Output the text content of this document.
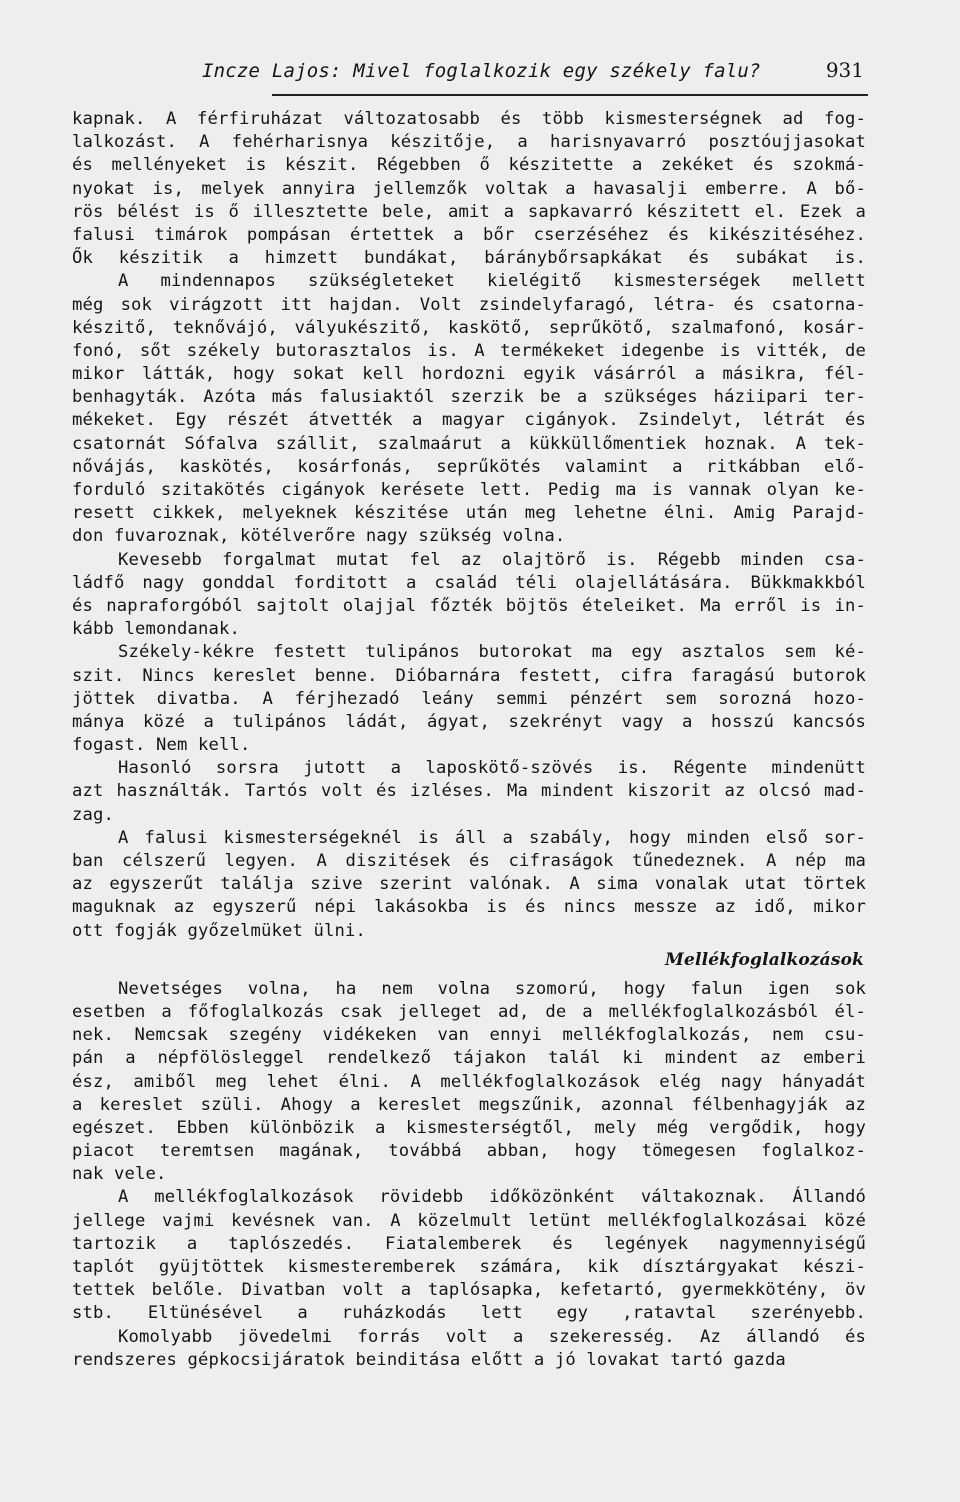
Incze Lajos: Mivel foglalkozik egy székely falu?	931
kapnak. A férfiruházat változatosabb és több kismesterségnek ad fog-
lalkozást. A fehérharisnya készitője, a harisnyavarró posztóujjasokat
és mellényeket is készit. Régebben ő készitette a zekéket és szokmá-
nyokat is, melyek annyira jellemzők voltak a havasalji emberre. A bő-
rös bélést is ő illesztette bele, amit a sapkavarró készitett el. Ezek a
falusi timárok pompásan értettek a bőr cserzéséhez és kikészitéséhez.
Ők készitik a himzett bundákat, báránybőrsapkákat és subákat is.
A mindennapos szükségleteket kielégitő kismesterségek mellett
még sok virágzott itt hajdan. Volt zsindelyfaragó, létra- és csatorna-
készitő, teknővájó, vályukészitő, kaskötő, seprűkötő, szalmafonó, kosár-
fonó, sőt székely butorasztalos is. A termékeket idegenbe is vitték, de
mikor látták, hogy sokat kell hordozni egyik vásárról a másikra, fél-
benhagyták. Azóta más falusiaktól szerzik be a szükséges háziipari ter-
mékeket. Egy részét átvették a magyar cigányok. Zsindelyt, létrát és
csatornát Sófalva szállit, szalmaárut a kükküllőmentiek hoznak. A tek-
nővájás, kaskötés, kosárfonás, seprűkötés valamint a ritkábban elő-
forduló szitakötés cigányok kerésete lett. Pedig ma is vannak olyan ke-
resett cikkek, melyeknek készitése után meg lehetne élni. Amig Parajd-
don fuvaroznak, kötélverőre nagy szükség volna.
Kevesebb forgalmat mutat fel az olajtörő is. Régebb minden csa-
ládfő nagy gonddal forditott a család téli olajellátására. Bükkmakkból
és napraforgóból sajtolt olajjal főzték böjtös ételeiket. Ma erről is in-
kább lemondanak.
Székely-kékre festett tulipános butorokat ma egy asztalos sem ké-
szit. Nincs kereslet benne. Dióbarnára festett, cifra faragású butorok
jöttek divatba. A férjhezadó leány semmi pénzért sem sorozná hozo-
mánya közé a tulipános ládát, ágyat, szekrényt vagy a hosszú kancsós
fogast. Nem kell.
Hasonló sorsra jutott a laposkötő-szövés is. Régente mindenütt
azt használták. Tartós volt és izléses. Ma mindent kiszorit az olcsó mad-
zag.
A falusi kismesterségeknél is áll a szabály, hogy minden első sor-
ban célszerű legyen. A diszitések és cifraságok tűnedeznek. A nép ma
az egyszerűt találja szive szerint valónak. A sima vonalak utat törtek
maguknak az egyszerű népi lakásokba is és nincs messze az idő, mikor
ott fogják győzelmüket ülni.
Mellékfoglalkozások
Nevetséges volna, ha nem volna szomorú, hogy falun igen sok
esetben a főfoglalkozás csak jelleget ad, de a mellékfoglalkozásból él-
nek. Nemcsak szegény vidékeken van ennyi mellékfoglalkozás, nem csu-
pán a népfölösleggel rendelkező tájakon talál ki mindent az emberi
ész, amiből meg lehet élni. A mellékfoglalkozások elég nagy hányadát
a kereslet szüli. Ahogy a kereslet megszűnik, azonnal félbenhagyják az
egészet. Ebben különbözik a kismesterségtől, mely még vergődik, hogy
piacot teremtsen magának, továbbá abban, hogy tömegesen foglalkoz-
nak vele.
A mellékfoglalkozások rövidebb időközönként váltakoznak. Állandó
jellege vajmi kevésnek van. A közelmult letünt mellékfoglalkozásai közé
tartozik a taplószedés. Fiatalemberek és legények nagymennyiségű
taplót gyüjtöttek kismesteremberek számára, kik dísztárgyakat készi-
tettek belőle. Divatban volt a taplósapka, kefetartó, gyermekkötény, öv
stb. Eltünésével a ruházkodás lett egy ,ratavtal szerényebb.
Komolyabb jövedelmi forrás volt a szekeresség. Az állandó és
rendszeres gépkocsijáratok beinditása előtt a jó lovakat tartó gazda
